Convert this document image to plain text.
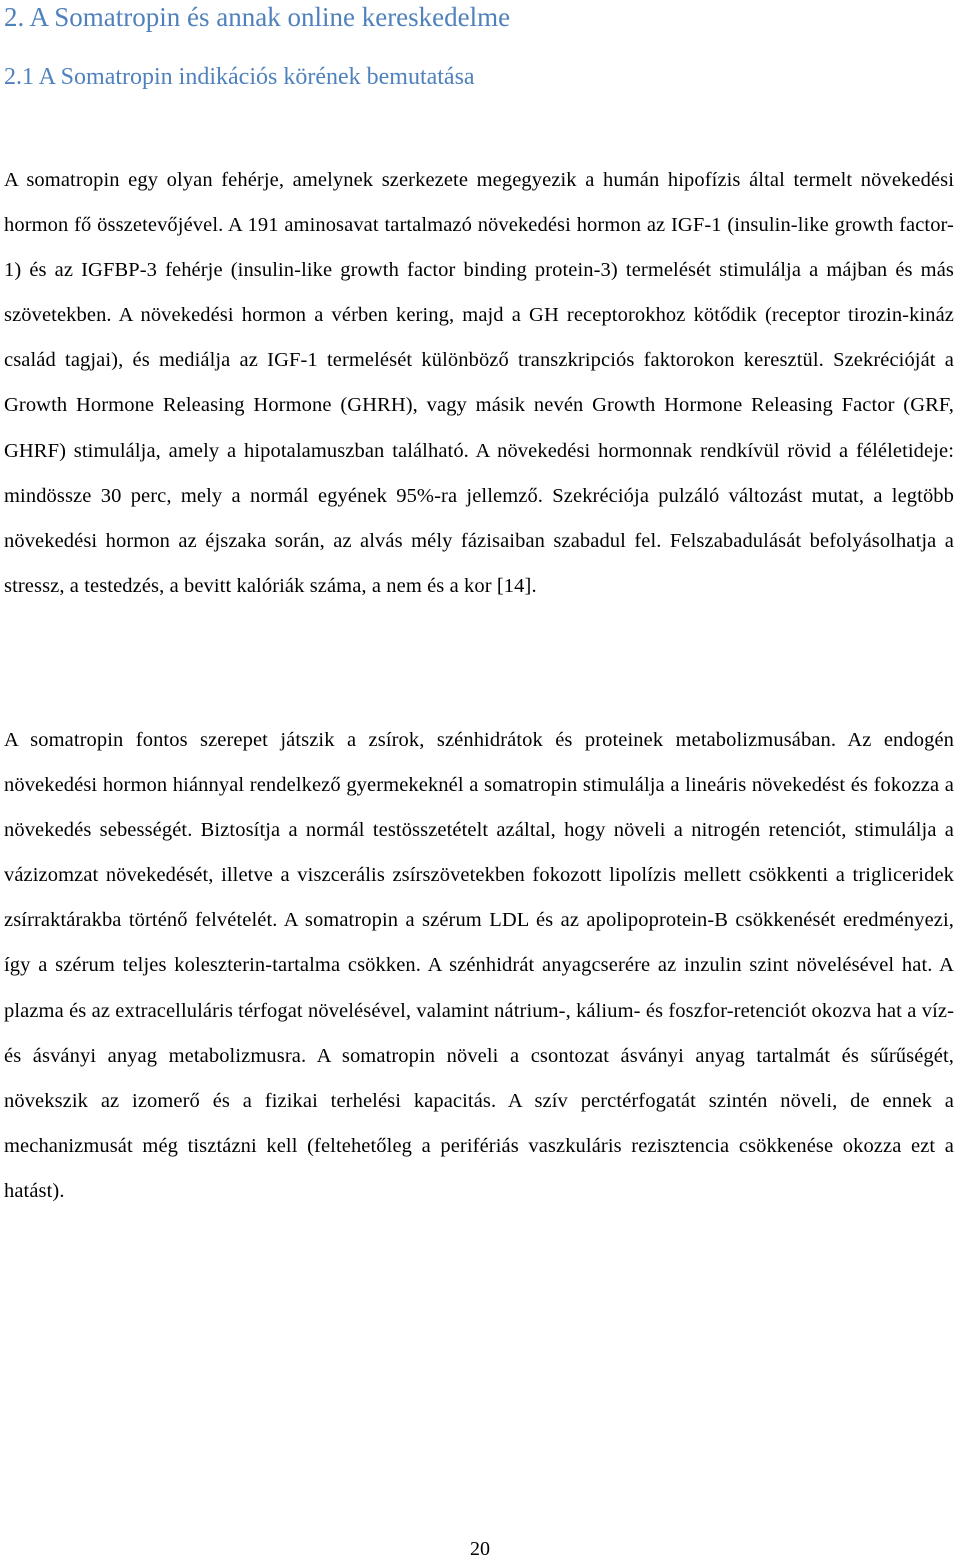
2. A Somatropin és annak online kereskedelme
2.1 A Somatropin indikációs körének bemutatása

A somatropin egy olyan fehérje, amelynek szerkezete megegyezik a humán hipofízis által termelt növekedési hormon fő összetevőjével. A 191 aminosavat tartalmazó növekedési hormon az IGF-1 (insulin-like growth factor-1) és az IGFBP-3 fehérje (insulin-like growth factor binding protein-3) termelését stimulálja a májban és más szövetekben. A növekedési hormon a vérben kering, majd a GH receptorokhoz kötődik (receptor tirozin-kináz család tagjai), és mediálja az IGF-1 termelését különböző transzkripciós faktorokon keresztül. Szekrécióját a Growth Hormone Releasing Hormone (GHRH), vagy másik nevén Growth Hormone Releasing Factor (GRF, GHRF) stimulálja, amely a hipotalamuszban található. A növekedési hormonnak rendkívül rövid a féléletideje: mindössze 30 perc, mely a normál egyének 95%-ra jellemző. Szekréciója pulzáló változást mutat, a legtöbb növekedési hormon az éjszaka során, az alvás mély fázisaiban szabadul fel. Felszabadulását befolyásolhatja a stressz, a testedzés, a bevitt kalóriák száma, a nem és a kor [14].

A somatropin fontos szerepet játszik a zsírok, szénhidrátok és proteinek metabolizmusában. Az endogén növekedési hormon hiánnyal rendelkező gyermekeknél a somatropin stimulálja a lineáris növekedést és fokozza a növekedés sebességét. Biztosítja a normál testösszetételt azáltal, hogy növeli a nitrogén retenciót, stimulálja a vázizomzat növekedését, illetve a viszcerális zsírszövetekben fokozott lipolízis mellett csökkenti a trigliceridek zsírraktárakba történő felvételét. A somatropin a szérum LDL és az apolipoprotein-B csökkenését eredményezi, így a szérum teljes koleszterin-tartalma csökken. A szénhidrát anyagcserére az inzulin szint növelésével hat. A plazma és az extracelluláris térfogat növelésével, valamint nátrium-, kálium- és foszfor-retenciót okozva hat a víz- és ásványi anyag metabolizmusra. A somatropin növeli a csontozat ásványi anyag tartalmát és sűrűségét, növekszik az izomerő és a fizikai terhelési kapacitás. A szív perctérfogatát szintén növeli, de ennek a mechanizmusát még tisztázni kell (feltehetőleg a perifériás vaszkuláris rezisztencia csökkenése okozza ezt a hatást).

20
